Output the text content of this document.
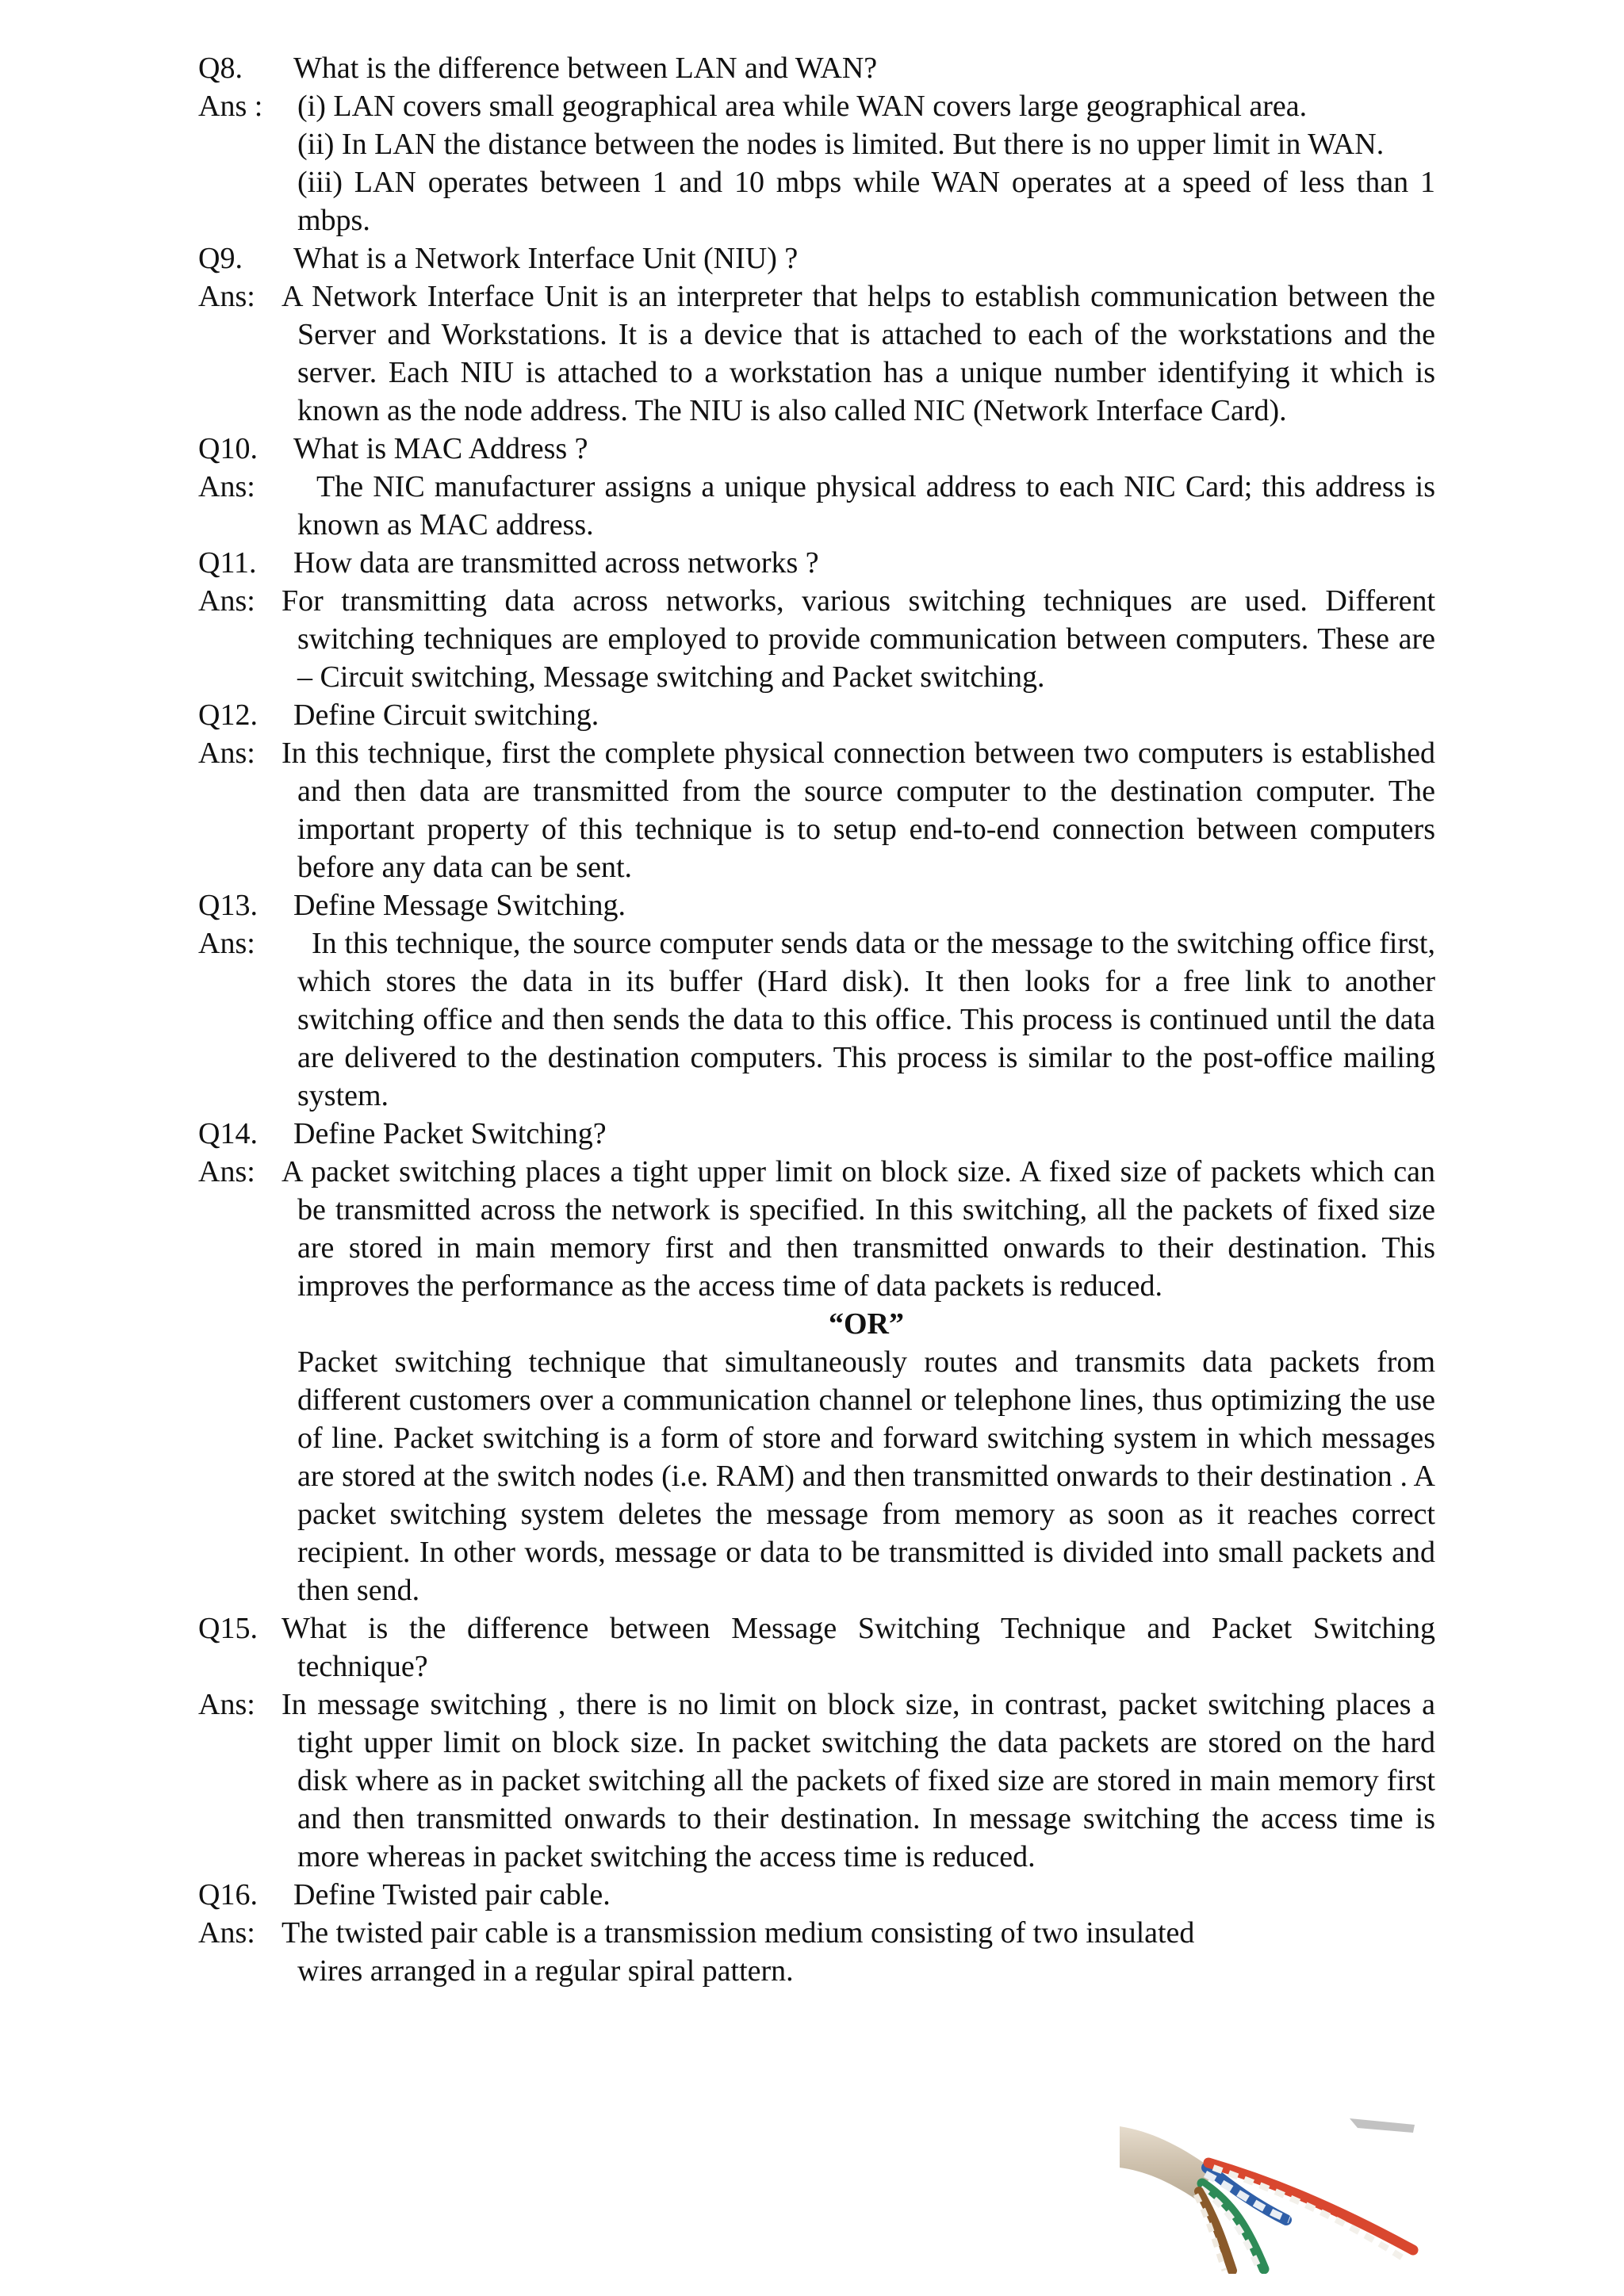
Q8. What is the difference between LAN and WAN?
Ans :	(i) LAN covers small geographical area while WAN covers large geographical area.

(ii) In LAN the distance between the nodes is limited. But there is no upper limit in WAN.

(iii) LAN operates between 1 and 10 mbps while WAN operates at a speed of less than 1 mbps.

Q9. What is a Network Interface Unit (NIU) ?
Ans: A Network Interface Unit is an interpreter that helps to establish communication between the Server and Workstations. It is a device that is attached to each of the workstations and the server. Each NIU is attached to a workstation has a unique number identifying it which is known as the node address. The NIU is also called NIC (Network Interface Card).

Q10. What is MAC Address ?
Ans:	The NIC manufacturer assigns a unique physical address to each NIC Card; this address is known as MAC address.

Q11. How data are transmitted across networks ?
Ans: For transmitting data across networks, various switching techniques are used. Different switching techniques are employed to provide communication between computers. These are – Circuit switching, Message switching and Packet switching.

Q12. Define Circuit switching.
Ans: In this technique, first the complete physical connection between two computers is established and then data are transmitted from the source computer to the destination computer. The important property of this technique is to setup end-to-end connection between computers before any data can be sent.

Q13. Define Message Switching.
Ans:	In this technique, the source computer sends data or the message to the switching office first, which stores the data in its buffer (Hard disk). It then looks for a free link to another switching office and then sends the data to this office. This process is continued until the data are delivered to the destination computers. This process is similar to the post-office mailing system.

Q14. Define Packet Switching?
Ans: A packet switching places a tight upper limit on block size. A fixed size of packets which can be transmitted across the network is specified. In this switching, all the packets of fixed size are stored in main memory first and then transmitted onwards to their destination. This improves the performance as the access time of data packets is reduced.

“OR”

Packet switching technique that simultaneously routes and transmits data packets from different customers over a communication channel or telephone lines, thus optimizing the use of line. Packet switching is a form of store and forward switching system in which messages are stored at the switch nodes (i.e. RAM) and then transmitted onwards to their destination . A packet switching system deletes the message from memory as soon as it reaches correct recipient. In other words, message or data to be transmitted is divided into small packets and then send.

Q15. What is the difference between Message Switching Technique and Packet Switching technique?

Ans: In message switching , there is no limit on block size, in contrast, packet switching places a tight upper limit on block size. In packet switching the data packets are stored on the hard disk where as in packet switching all the packets of fixed size are stored in main memory first and then transmitted onwards to their destination. In message switching the access time is more whereas in packet switching the access time is reduced.

Q16. Define Twisted pair cable.
Ans: The twisted pair cable is a transmission medium consisting of two insulated wires arranged in a regular spiral pattern.
